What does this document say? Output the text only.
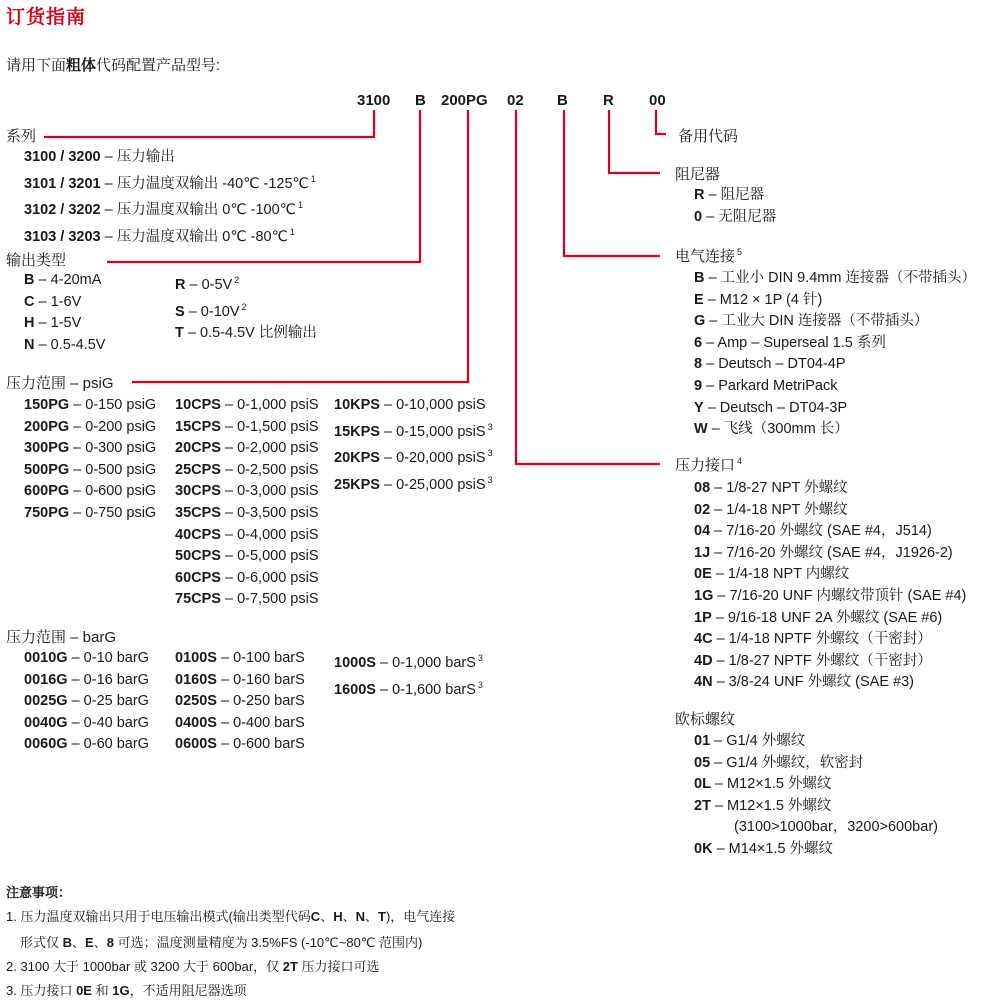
订货指南
请用下面粗体代码配置产品型号:
3100 B 200PG 02 B R 00
系列
3100 / 3200 – 压力输出
3101 / 3201 – 压力温度双输出 -40℃ -125℃ $^1$
3102 / 3202 – 压力温度双输出 0℃ -100℃ $^1$
3103 / 3203 – 压力温度双输出 0℃ -80℃ $^1$
输出类型
B – 4-20mA
C – 1-6V
H – 1-5V
N – 0.5-4.5V
R – 0-5V $^2$
S – 0-10V $^2$
T – 0.5-4.5V 比例输出
压力范围 – psiG
150PG – 0-150 psiG
200PG – 0-200 psiG
300PG – 0-300 psiG
500PG – 0-500 psiG
600PG – 0-600 psiG
750PG – 0-750 psiG
10CPS – 0-1,000 psiS
15CPS – 0-1,500 psiS
20CPS – 0-2,000 psiS
25CPS – 0-2,500 psiS
30CPS – 0-3,000 psiS
35CPS – 0-3,500 psiS
40CPS – 0-4,000 psiS
50CPS – 0-5,000 psiS
60CPS – 0-6,000 psiS
75CPS – 0-7,500 psiS
10KPS – 0-10,000 psiS
15KPS – 0-15,000 psiS $^3$
20KPS – 0-20,000 psiS $^3$
25KPS – 0-25,000 psiS $^3$
压力范围 – barG
0010G – 0-10 barG
0016G – 0-16 barG
0025G – 0-25 barG
0040G – 0-40 barG
0060G – 0-60 barG
0100S – 0-100 barS
0160S – 0-160 barS
0250S – 0-250 barS
0400S – 0-400 barS
0600S – 0-600 barS
1000S – 0-1,000 barS $^3$
1600S – 0-1,600 barS $^3$
备用代码
阻尼器
R – 阻尼器
0 – 无阻尼器
电气连接 $^5$
B – 工业小 DIN 9.4mm 连接器（不带插头）
E – M12 × 1P (4 针)
G – 工业大 DIN 连接器（不带插头）
6 – Amp – Superseal 1.5 系列
8 – Deutsch – DT04-4P
9 – Parkard MetriPack
Y – Deutsch – DT04-3P
W – 飞线（300mm 长）
压力接口 $^4$
08 – 1/8-27 NPT 外螺纹
02 – 1/4-18 NPT 外螺纹
04 – 7/16-20 外螺纹 (SAE #4，J514)
1J – 7/16-20 外螺纹 (SAE #4，J1926-2)
0E – 1/4-18 NPT 内螺纹
1G – 7/16-20 UNF 内螺纹带顶针 (SAE #4)
1P – 9/16-18 UNF 2A 外螺纹 (SAE #6)
4C – 1/4-18 NPTF 外螺纹（干密封）
4D – 1/8-27 NPTF 外螺纹（干密封）
4N – 3/8-24 UNF 外螺纹 (SAE #3)
欧标螺纹
01 – G1/4 外螺纹
05 – G1/4 外螺纹，软密封
0L – M12×1.5 外螺纹
2T – M12×1.5 外螺纹
(3100>1000bar，3200>600bar)
0K – M14×1.5 外螺纹
注意事项：
1. 压力温度双输出只用于电压输出模式(输出类型代码C、H、N、T)，电气连接
形式仅 B、E、8 可选；温度测量精度为 3.5%FS (-10℃~80℃ 范围内)
2. 3100 大于 1000bar 或 3200 大于 600bar，仅 2T 压力接口可选
3. 压力接口 0E 和 1G，不适用阻尼器选项
